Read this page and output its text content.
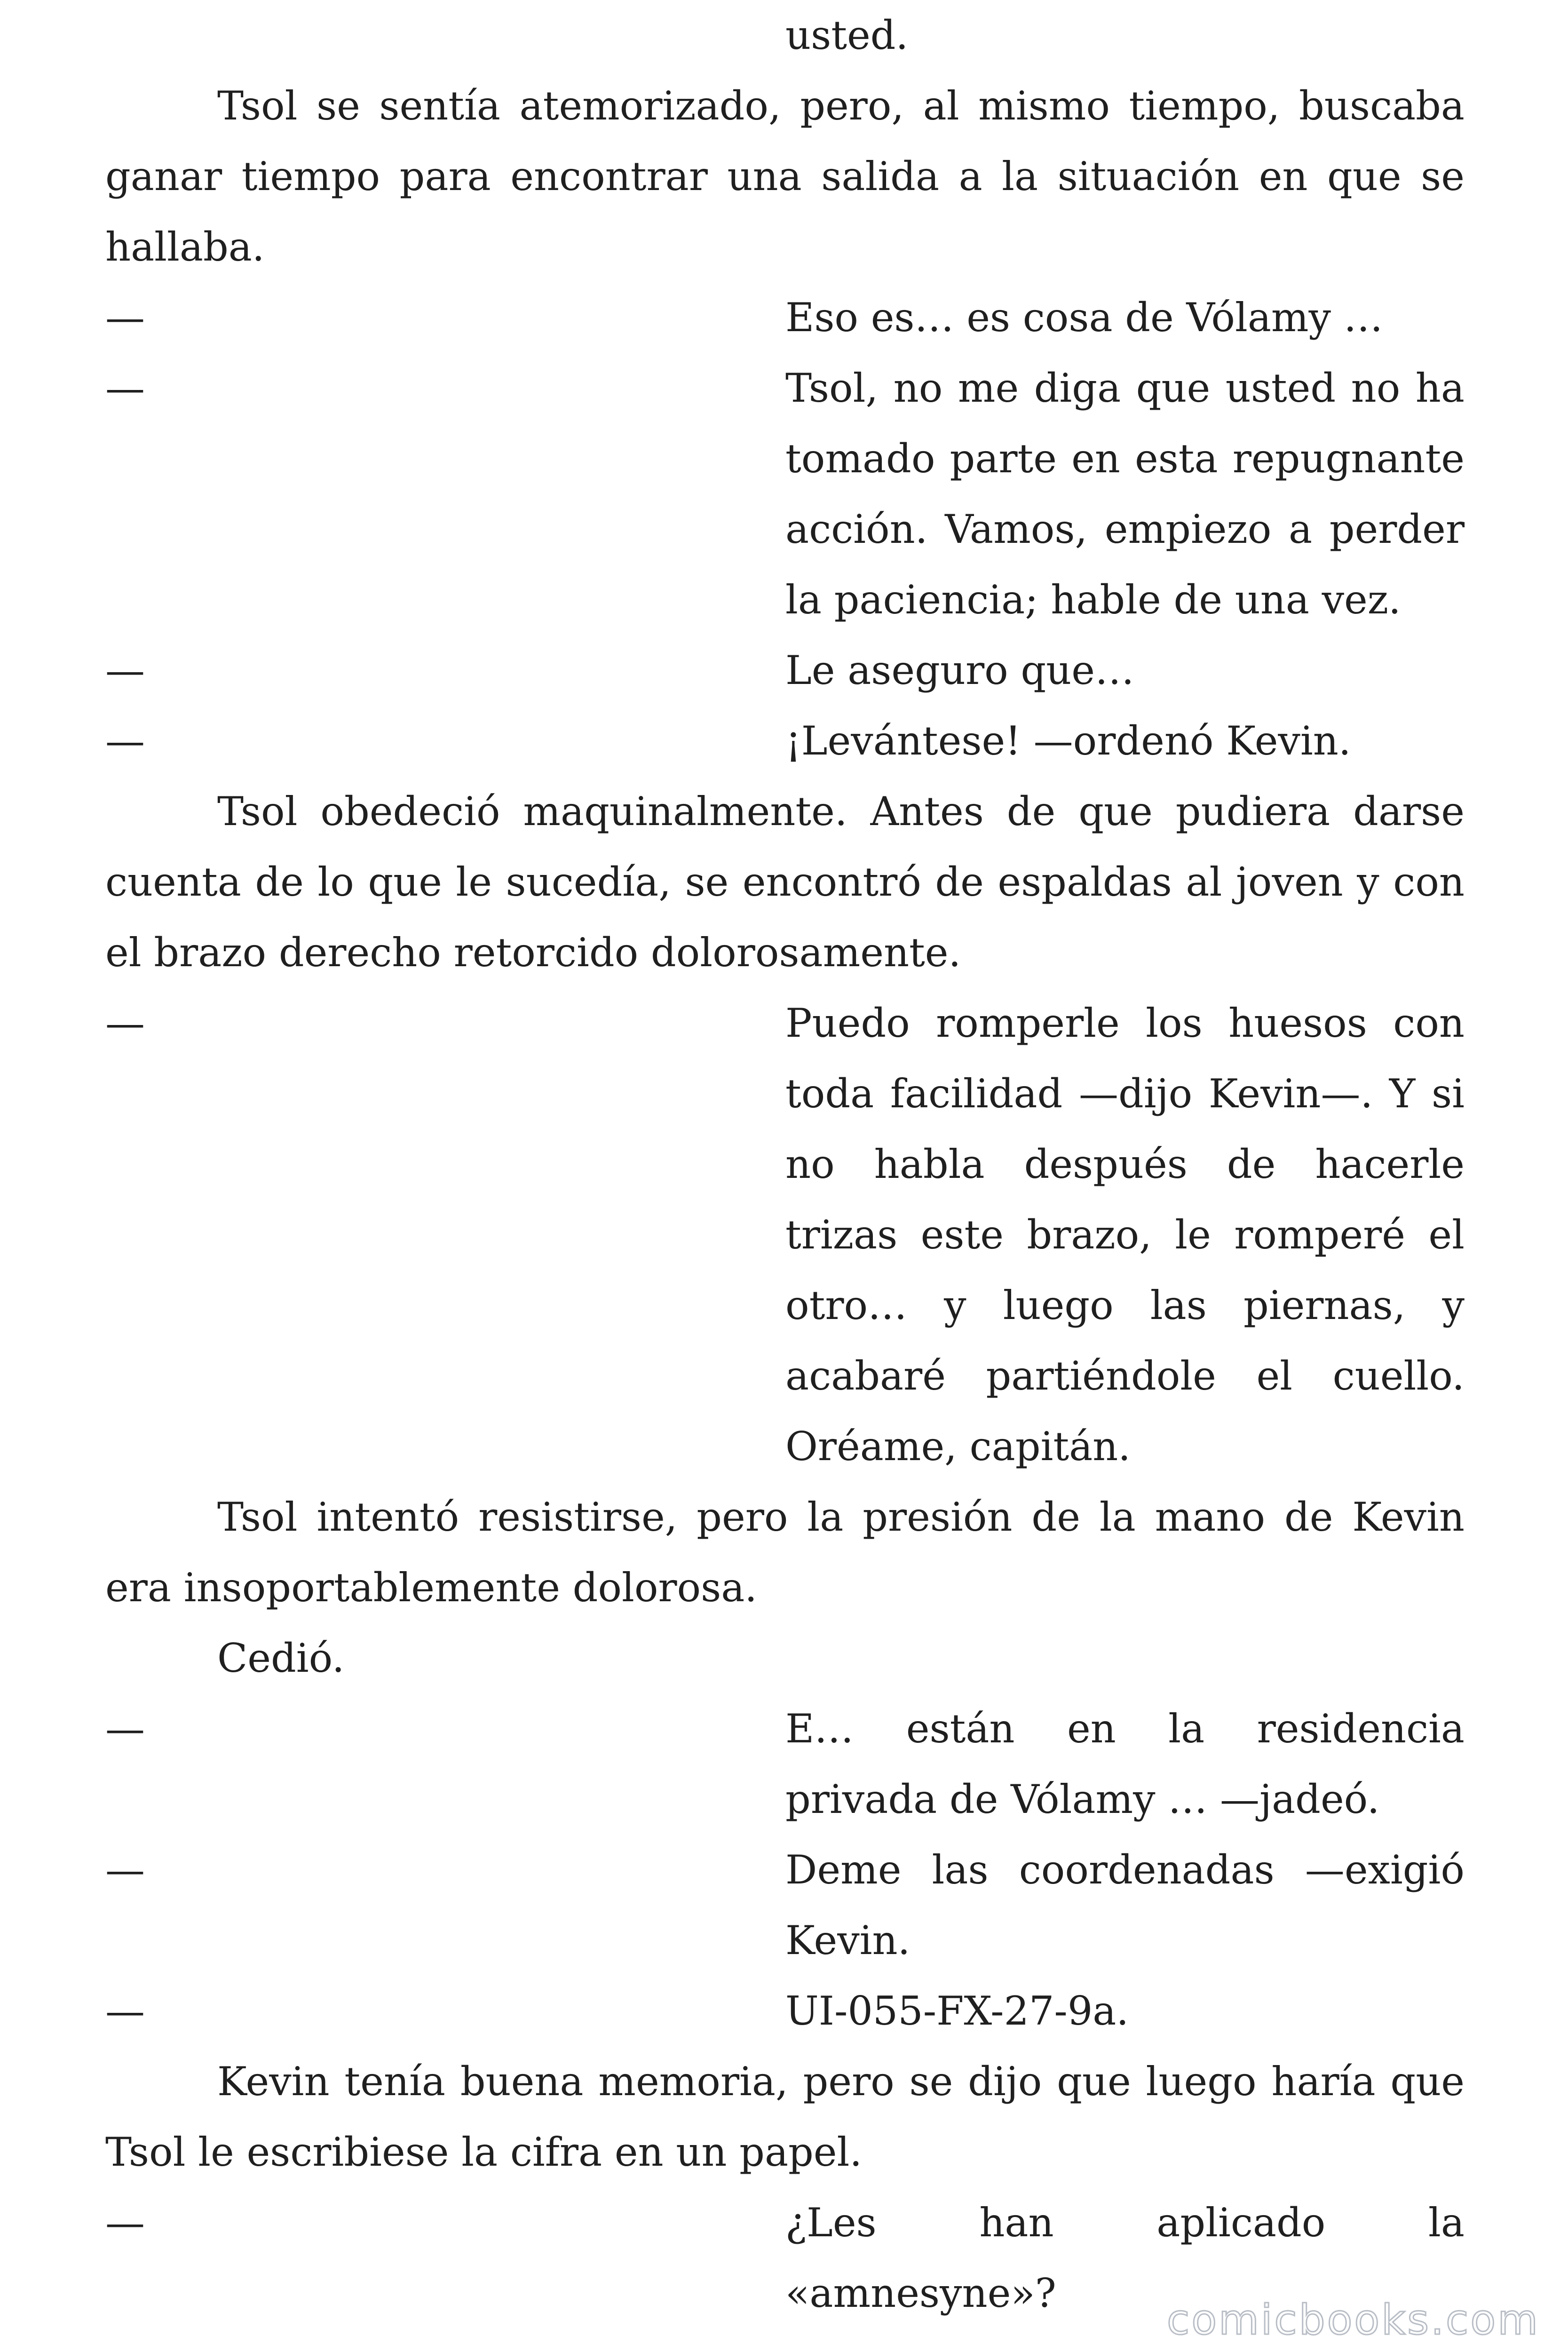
usted.
Tsol se sentía atemorizado, pero, al mismo tiempo, buscaba ganar tiempo para encontrar una salida a la situación en que se hallaba.
—	Eso es… es cosa de Vólamy …
—	Tsol, no me diga que usted no ha tomado parte en esta repugnante acción. Vamos, empiezo a perder la paciencia; hable de una vez.
—	Le aseguro que…
—	¡Levántese! —ordenó Kevin.
Tsol obedeció maquinalmente. Antes de que pudiera darse cuenta de lo que le sucedía, se encontró de espaldas al joven y con el brazo derecho retorcido dolorosamente.
—	Puedo romperle los huesos con toda facilidad —dijo Kevin—. Y si no habla después de hacerle trizas este brazo, le romperé el otro… y luego las piernas, y acabaré partiéndole el cuello. Oréame, capitán.
Tsol intentó resistirse, pero la presión de la mano de Kevin era insoportablemente dolorosa.
Cedió.
—	E… están en la residencia privada de Vólamy … —jadeó.
—	Deme las coordenadas —exigió Kevin.
—	UI-055-FX-27-9a.
Kevin tenía buena memoria, pero se dijo que luego haría que Tsol le escribiese la cifra en un papel.
—	¿Les han aplicado la «amnesyne»?
comicbooks.com
